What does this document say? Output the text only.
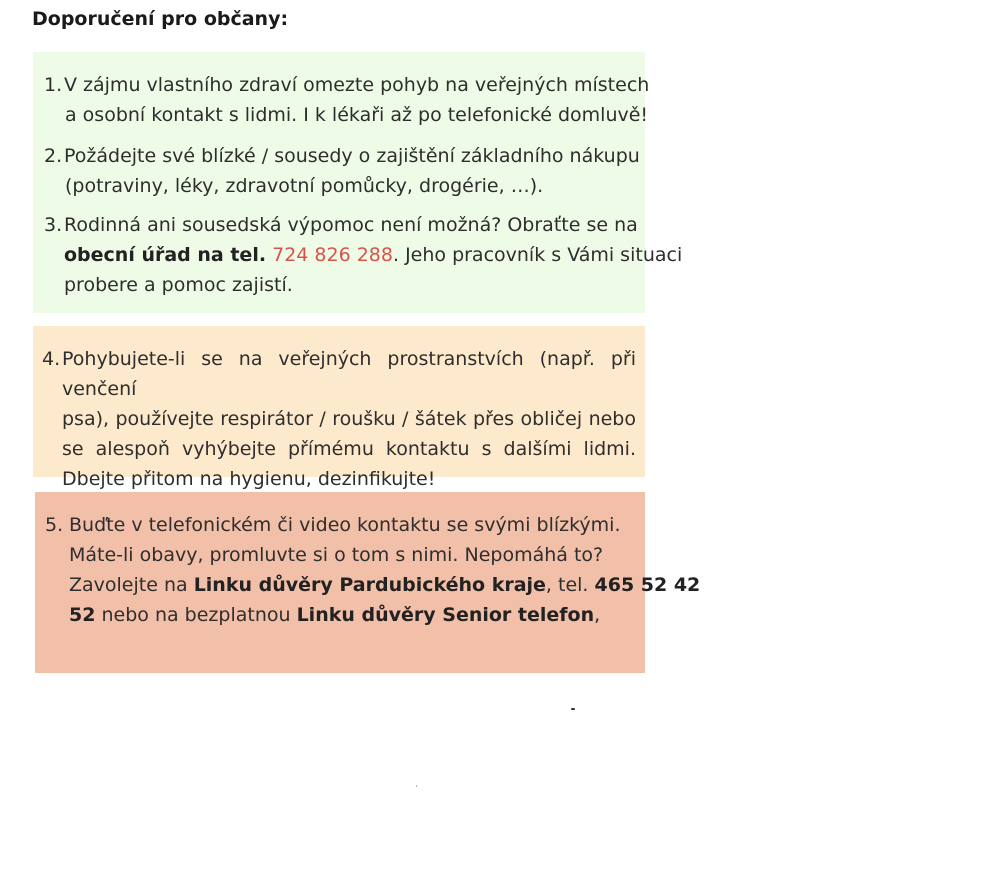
Doporučení pro občany:
1. V zájmu vlastního zdraví omezte pohyb na veřejných místech
a osobní kontakt s lidmi. I k lékaři až po telefonické domluvě!
2. Požádejte své blízké / sousedy o zajištění základního nákupu
(potraviny, léky, zdravotní pomůcky, drogérie, …).
3. Rodinná ani sousedská výpomoc není možná? Obraťte se na
obecní úřad na tel. 724 826 288. Jeho pracovník s Vámi situaci
probere a pomoc zajistí.
4. Pohybujete-li se na veřejných prostranstvích (např. při venčení
psa), používejte respirátor / roušku / šátek přes obličej nebo
se alespoň vyhýbejte přímému kontaktu s dalšími lidmi.
Dbejte přitom na hygienu, dezinfikujte!
5. Buďte v telefonickém či video kontaktu se svými blízkými.
Máte-li obavy, promluvte si o tom s nimi. Nepomáhá to?
Zavolejte na Linku důvěry Pardubického kraje, tel. 465 52 42
52 nebo na bezplatnou Linku důvěry Senior telefon,
